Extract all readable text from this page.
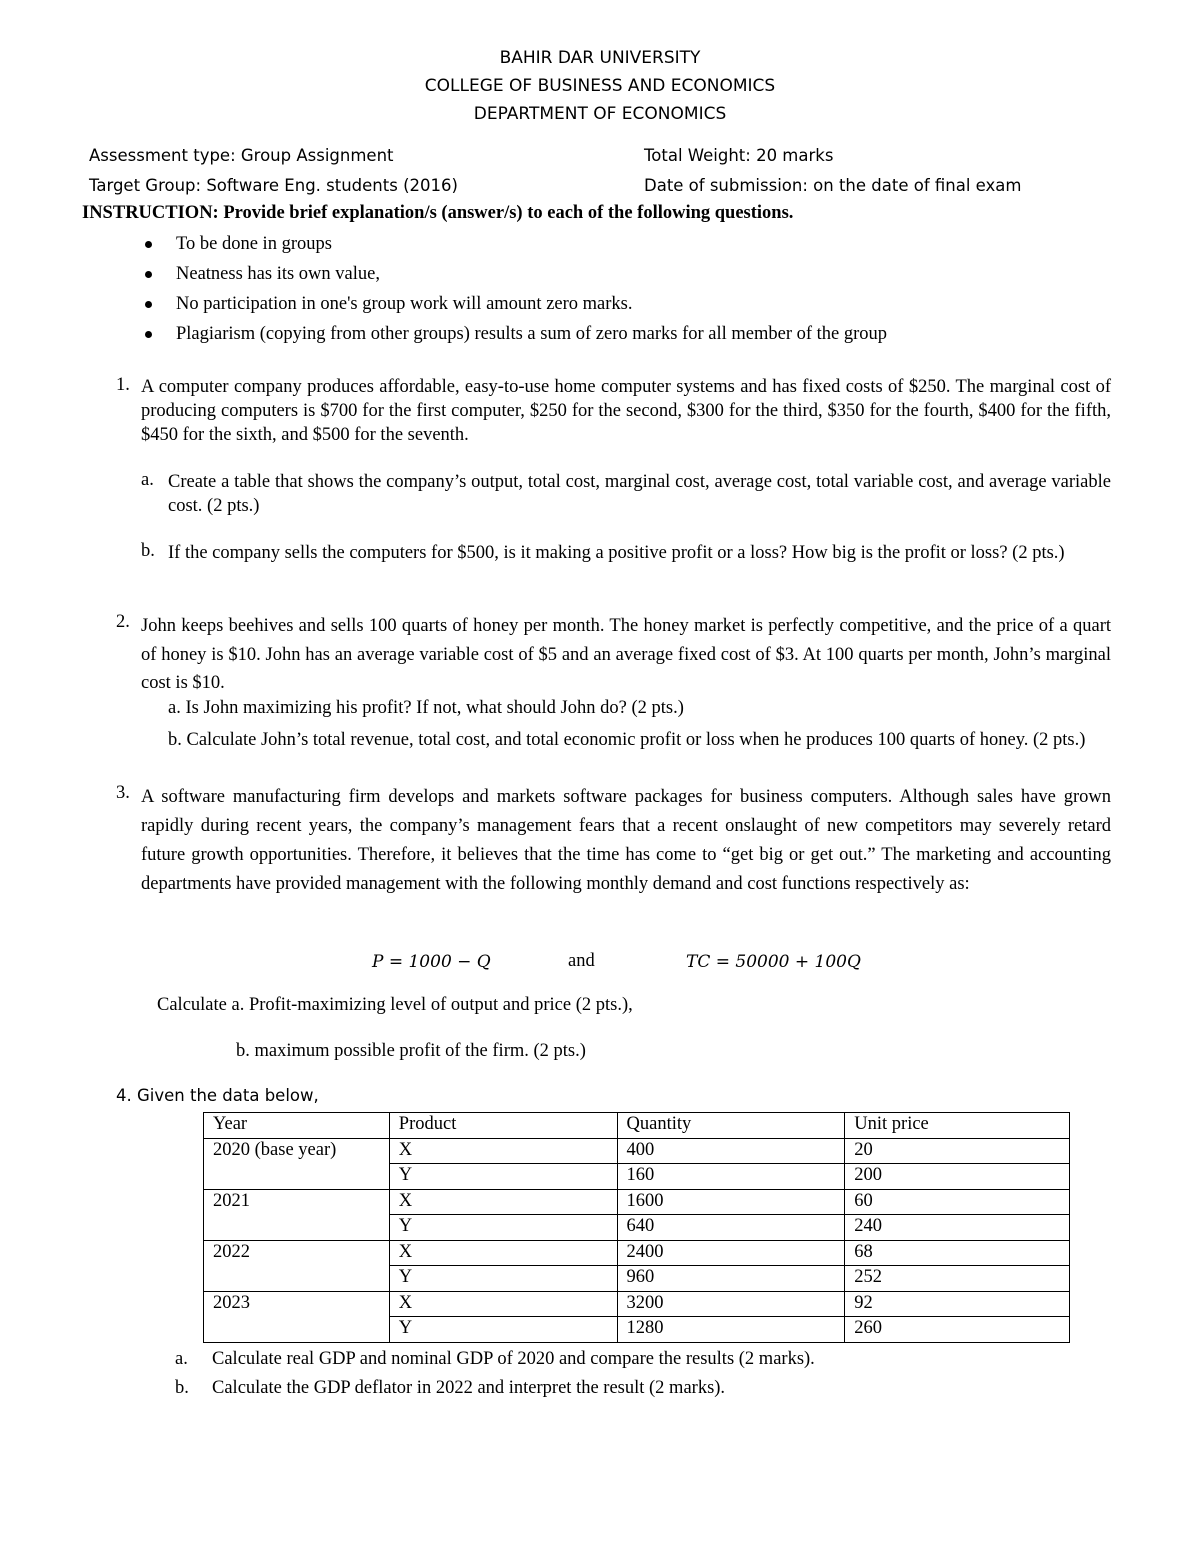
BAHIR DAR UNIVERSITY
COLLEGE OF BUSINESS AND ECONOMICS
DEPARTMENT OF ECONOMICS
Assessment type: Group Assignment	Total Weight: 20 marks
Target Group: Software Eng. students (2016)	Date of submission: on the date of final exam
INSTRUCTION: Provide brief explanation/s (answer/s) to each of the following questions.
To be done in groups
Neatness has its own value,
No participation in one's group work will amount zero marks.
Plagiarism (copying from other groups) results a sum of zero marks for all member of the group
1. A computer company produces affordable, easy-to-use home computer systems and has fixed costs of $250. The marginal cost of producing computers is $700 for the first computer, $250 for the second, $300 for the third, $350 for the fourth, $400 for the fifth, $450 for the sixth, and $500 for the seventh.
a. Create a table that shows the company’s output, total cost, marginal cost, average cost, total variable cost, and average variable cost. (2 pts.)
b. If the company sells the computers for $500, is it making a positive profit or a loss? How big is the profit or loss? (2 pts.)
2. John keeps beehives and sells 100 quarts of honey per month. The honey market is perfectly competitive, and the price of a quart of honey is $10. John has an average variable cost of $5 and an average fixed cost of $3. At 100 quarts per month, John’s marginal cost is $10.
a. Is John maximizing his profit? If not, what should John do? (2 pts.)
b. Calculate John’s total revenue, total cost, and total economic profit or loss when he produces 100 quarts of honey. (2 pts.)
3. A software manufacturing firm develops and markets software packages for business computers. Although sales have grown rapidly during recent years, the company’s management fears that a recent onslaught of new competitors may severely retard future growth opportunities. Therefore, it believes that the time has come to “get big or get out.” The marketing and accounting departments have provided management with the following monthly demand and cost functions respectively as:
P = 1000 − Q	and	TC = 50000 + 100Q
Calculate a. Profit-maximizing level of output and price (2 pts.),
b. maximum possible profit of the firm. (2 pts.)
4. Given the data below,
Year	Product	Quantity	Unit price
2020 (base year)	X	400	20
	Y	160	200
2021	X	1600	60
	Y	640	240
2022	X	2400	68
	Y	960	252
2023	X	3200	92
	Y	1280	260
a. Calculate real GDP and nominal GDP of 2020 and compare the results (2 marks).
b. Calculate the GDP deflator in 2022 and interpret the result (2 marks).
